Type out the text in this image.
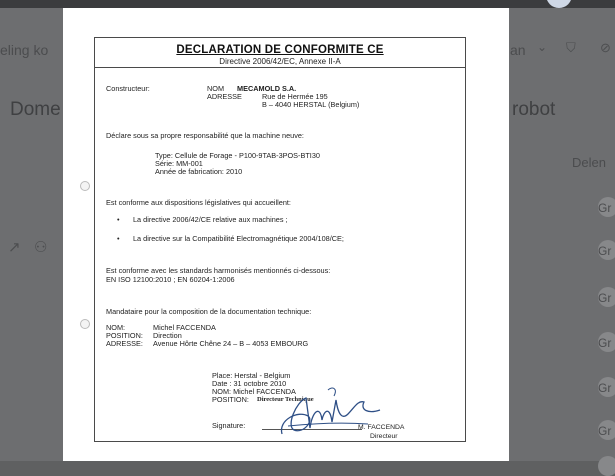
eling ko
Dome
↗ ⚇
an ⌄ ⛉ ⊘
robot
Delen
Gr
Gr
Gr
Gr
Gr
Gr
DECLARATION DE CONFORMITE CE
Directive 2006/42/EC, Annexe II-A
Constructeur:	NOM MECAMOLD S.A.
ADRESSE	Rue de Hermée 195
B – 4040 HERSTAL (Belgium)
Déclare sous sa propre responsabilité que la machine neuve:
Type: Cellule de Forage - P100-9TAB-3POS-BTI30
Série: MM-001
Année de fabrication: 2010
Est conforme aux dispositions législatives qui accueillent:
• La directive 2006/42/CE relative aux machines ;
• La directive sur la Compatibilité Electromagnétique 2004/108/CE;
Est conforme avec les standards harmonisés mentionnés ci-dessous:
EN ISO 12100:2010 ; EN 60204-1:2006
Mandataire pour la composition de la documentation technique:
NOM:	Michel FACCENDA
POSITION: Direction
ADRESSE: Avenue Hôrte Chêne 24 – B – 4053 EMBOURG
Place: Herstal - Belgium
Date : 31 octobre 2010
NOM: Michel FACCENDA
POSITION: Directeur Technique
Signature:	M. FACCENDA
Directeur
